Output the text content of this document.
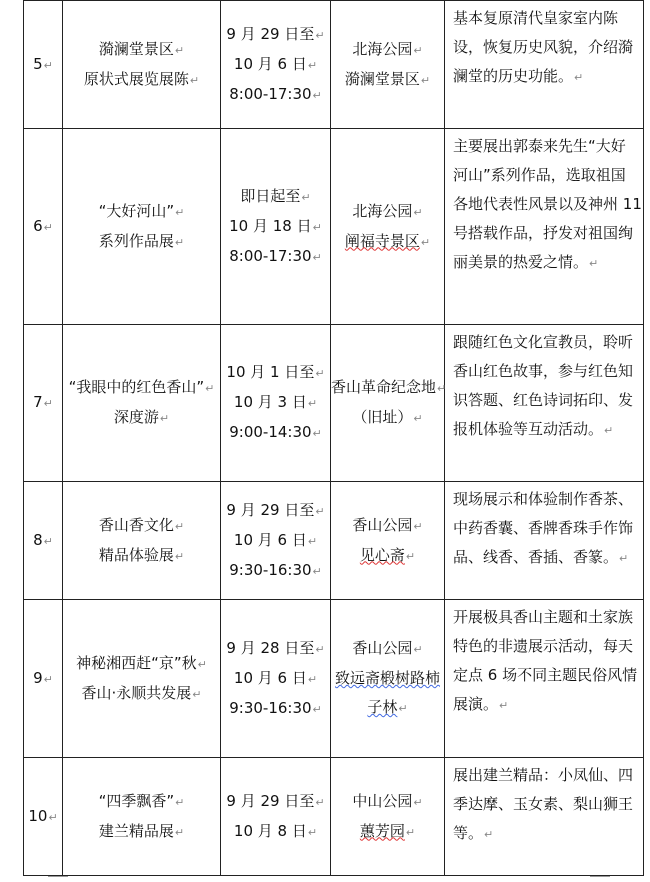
5↵	漪澜堂景区↵
原状式展览展陈↵	9 月 29 日至↵
10 月 6 日↵
8:00-17:30↵	北海公园↵
漪澜堂景区↵	基本复原清代皇家室内陈
设，恢复历史风貌，介绍漪
澜堂的历史功能。↵

6↵	“大好河山”↵
系列作品展↵	即日起至↵
10 月 18 日↵
8:00-17:30↵	北海公园↵
阐福寺景区↵	主要展出郭泰来先生“大好
河山”系列作品，选取祖国
各地代表性风景以及神州 11
号搭载作品，抒发对祖国绚
丽美景的热爱之情。↵

7↵	“我眼中的红色香山”↵
深度游↵	10 月 1 日至↵
10 月 3 日↵
9:00-14:30↵	香山革命纪念地↵
（旧址）↵	跟随红色文化宣教员，聆听
香山红色故事，参与红色知
识答题、红色诗词拓印、发
报机体验等互动活动。↵

8↵	香山香文化↵
精品体验展↵	9 月 29 日至↵
10 月 6 日↵
9:30-16:30↵	香山公园↵
见心斋↵	现场展示和体验制作香茶、
中药香囊、香牌香珠手作饰
品、线香、香插、香篆。↵

9↵	神秘湘西赶“京”秋↵
香山·永顺共发展↵	9 月 28 日至↵
10 月 6 日↵
9:30-16:30↵	香山公园↵
致远斋椴树路柿
子林↵	开展极具香山主题和土家族
特色的非遗展示活动，每天
定点 6 场不同主题民俗风情
展演。↵

10↵	“四季飘香”↵
建兰精品展↵	9 月 29 日至↵
10 月 8 日↵	中山公园↵
蕙芳园↵	展出建兰精品：小凤仙、四
季达摩、玉女素、梨山狮王
等。↵
